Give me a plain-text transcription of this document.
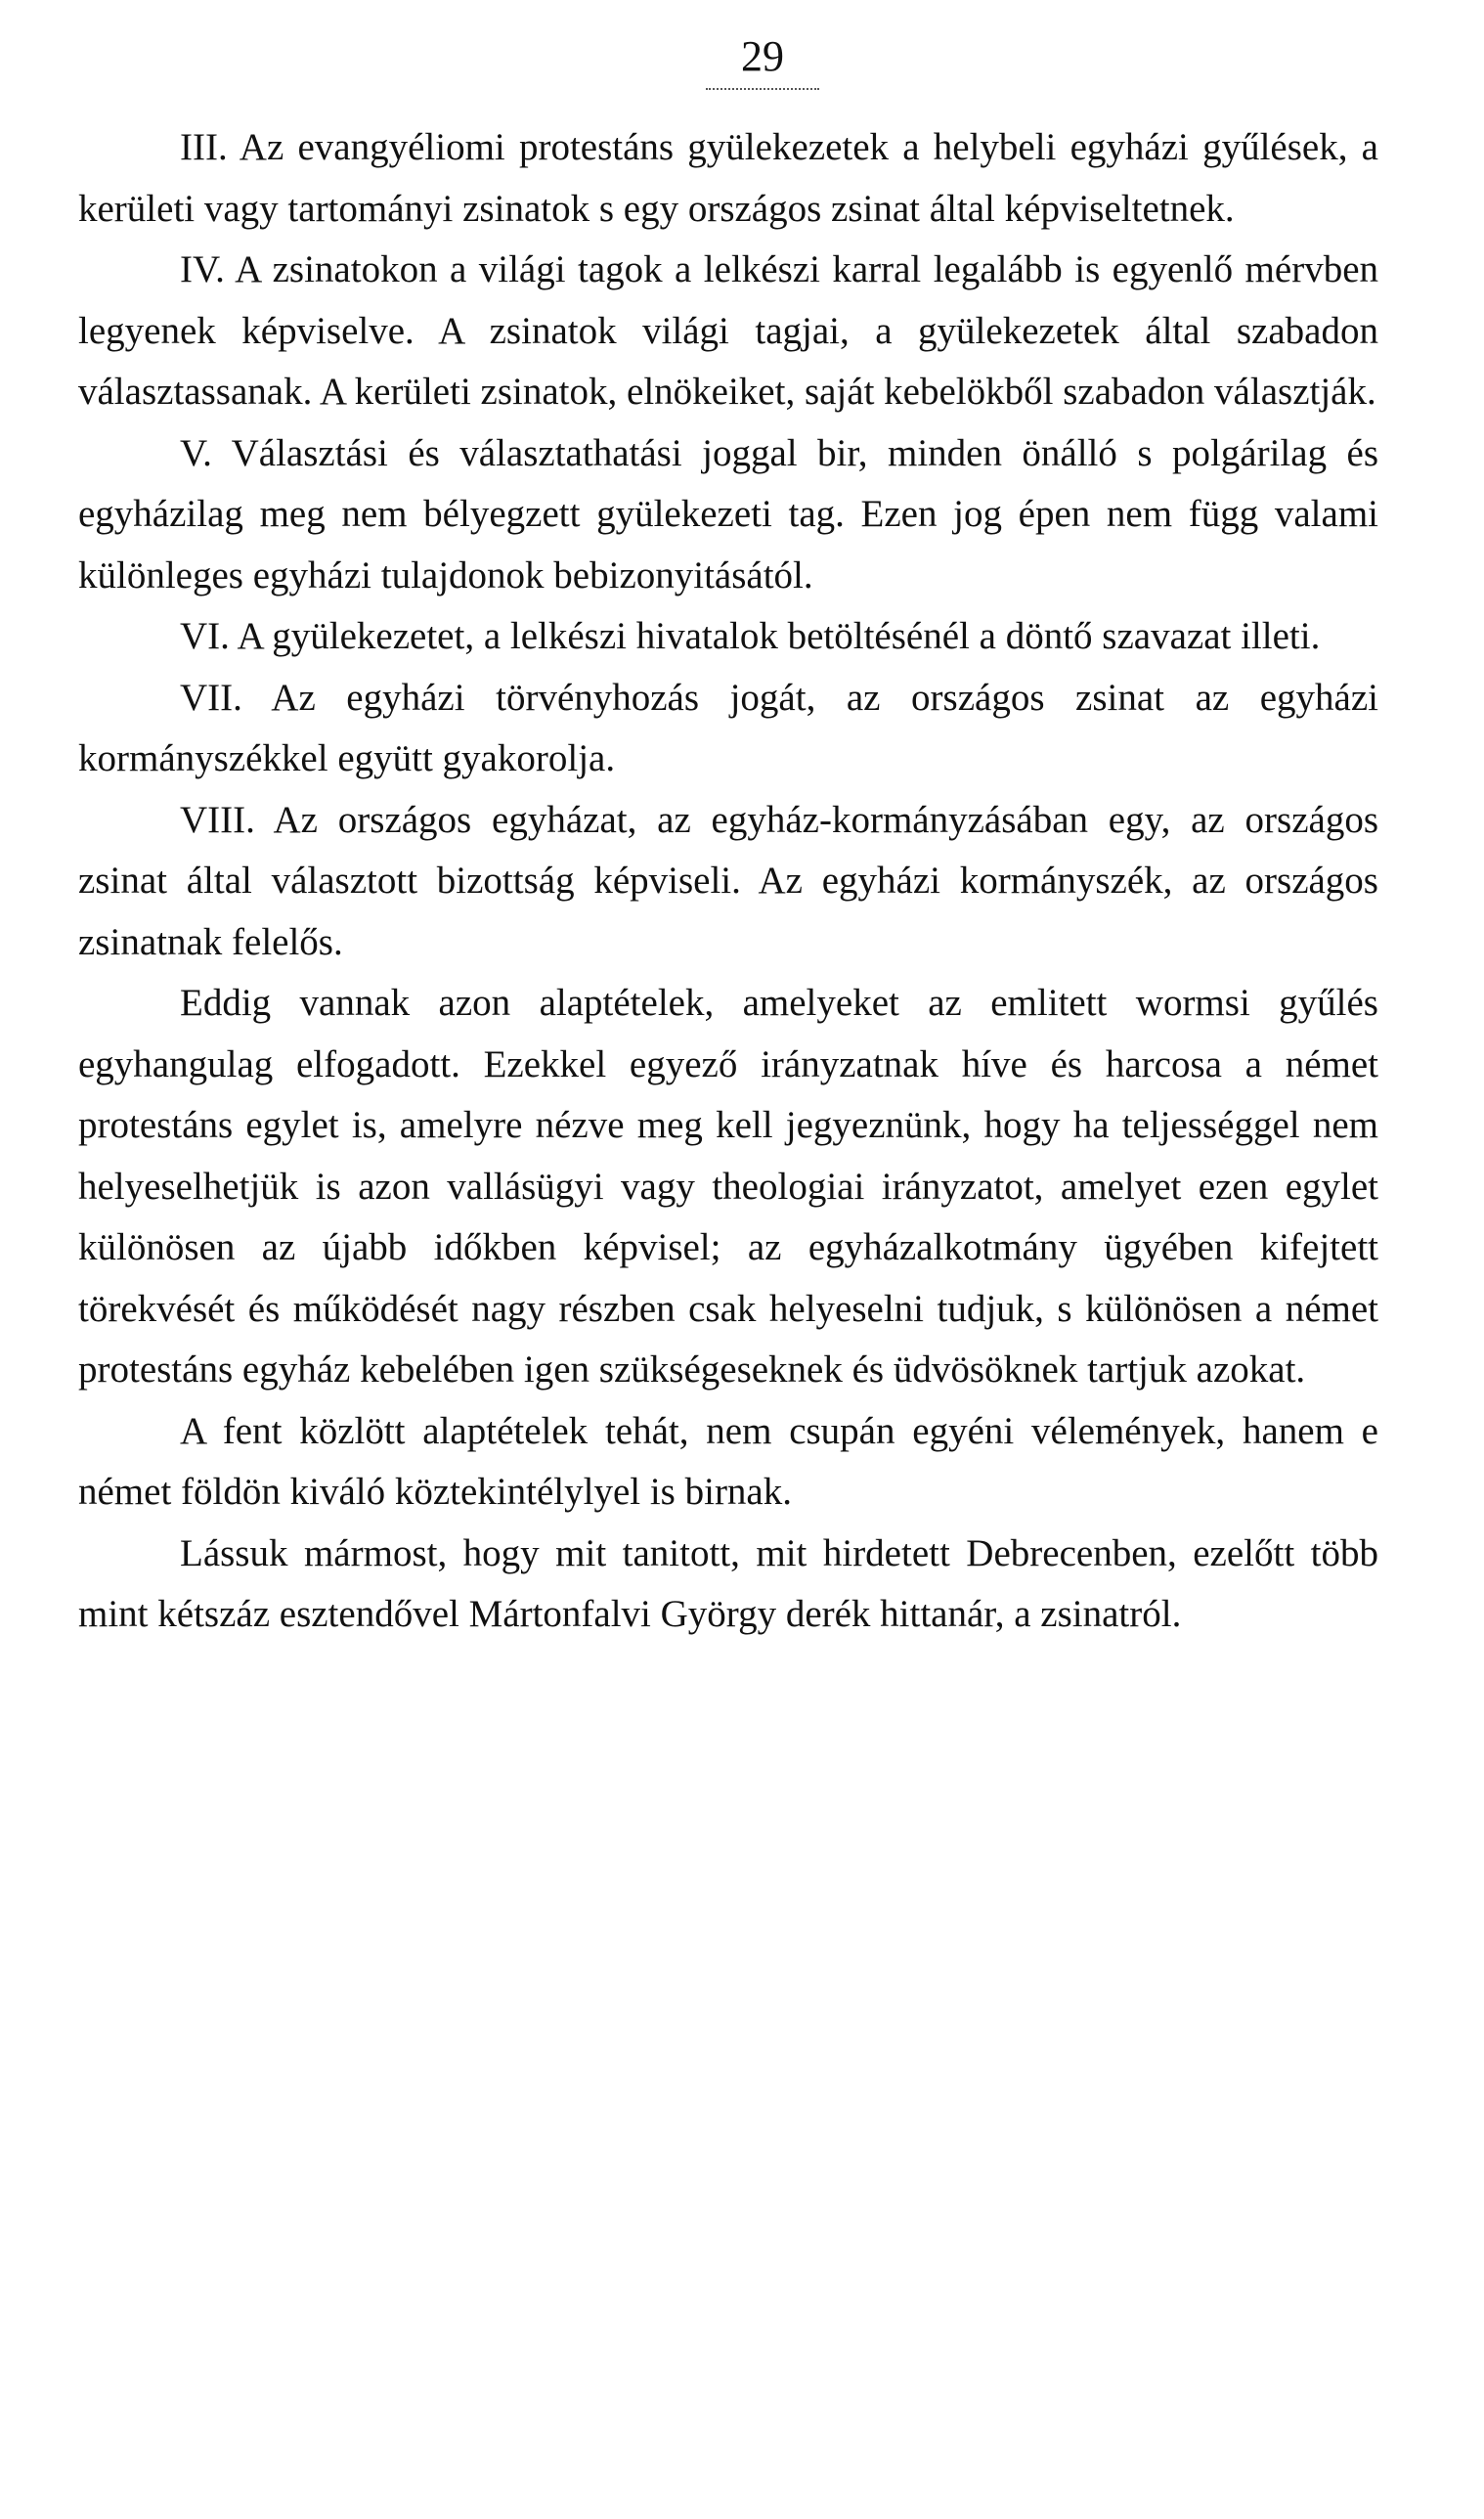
29

III. Az evangyéliomi protestáns gyülekezetek a helybeli egyházi gyűlések, a kerületi vagy tartományi zsinatok s egy országos zsinat által képviseltetnek.

IV. A zsinatokon a világi tagok a lelkészi karral legalább is egyenlő mérvben legyenek képviselve. A zsinatok világi tagjai, a gyülekezetek által szabadon választassanak. A kerületi zsinatok, elnökeiket, saját kebelökből szabadon választják.

V. Választási és választathatási joggal bir, minden önálló s polgárilag és egyházilag meg nem bélyegzett gyülekezeti tag. Ezen jog épen nem függ valami különleges egyházi tulajdonok bebizonyitásától.

VI. A gyülekezetet, a lelkészi hivatalok betöltésénél a döntő szavazat illeti.

VII. Az egyházi törvényhozás jogát, az országos zsinat az egyházi kormányszékkel együtt gyakorolja.

VIII. Az országos egyházat, az egyház-kormányzásában egy, az országos zsinat által választott bizottság képviseli. Az egyházi kormányszék, az országos zsinatnak felelős.

Eddig vannak azon alaptételek, amelyeket az emlitett wormsi gyűlés egyhangulag elfogadott. Ezekkel egyező irányzatnak híve és harcosa a német protestáns egylet is, amelyre nézve meg kell jegyeznünk, hogy ha teljességgel nem helyeselhetjük is azon vallásügyi vagy theologiai irányzatot, amelyet ezen egylet különösen az újabb időkben képvisel; az egyházalkotmány ügyében kifejtett törekvését és működését nagy részben csak helyeselni tudjuk, s különösen a német protestáns egyház kebelében igen szükségeseknek és üdvösöknek tartjuk azokat.

A fent közlött alaptételek tehát, nem csupán egyéni vélemények, hanem e német földön kiváló köztekintélylyel is birnak.

Lássuk mármost, hogy mit tanitott, mit hirdetett Debrecenben, ezelőtt több mint kétszáz esztendővel Mártonfalvi György derék hittanár, a zsinatról.
